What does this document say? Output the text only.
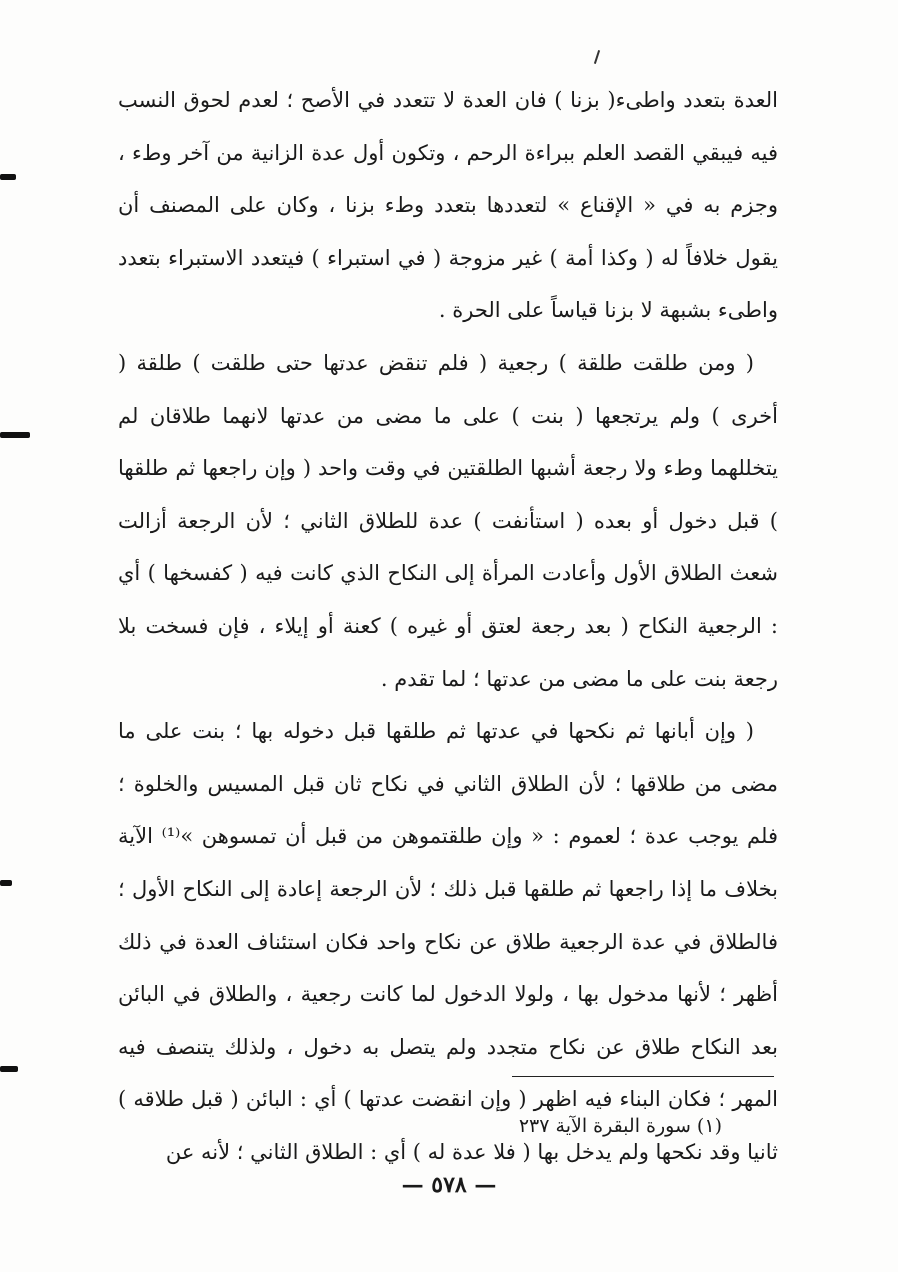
العدة بتعدد واطىء( بزنا ) فان العدة لا تتعدد في الأصح ؛ لعدم لحوق النسب فيه فيبقي القصد العلم ببراءة الرحم ، وتكون أول عدة الزانية من آخر وطء ، وجزم به في « الإقناع » لتعددها بتعدد وطء بزنا ، وكان على المصنف أن يقول خلافاً له ( وكذا أمة ) غير مزوجة ( في استبراء ) فيتعدد الاستبراء بتعدد واطىء بشبهة لا بزنا قياساً على الحرة .

( ومن طلقت طلقة ) رجعية ( فلم تنقض عدتها حتى طلقت ) طلقة ( أخرى ) ولم يرتجعها ( بنت ) على ما مضى من عدتها لانهما طلاقان لم يتخللهما وطء ولا رجعة أشبها الطلقتين في وقت واحد ( وإن راجعها ثم طلقها ) قبل دخول أو بعده ( استأنفت ) عدة للطلاق الثاني ؛ لأن الرجعة أزالت شعث الطلاق الأول وأعادت المرأة إلى النكاح الذي كانت فيه ( كفسخها ) أي : الرجعية النكاح ( بعد رجعة لعتق أو غيره ) كعنة أو إيلاء ، فإن فسخت بلا رجعة بنت على ما مضى من عدتها ؛ لما تقدم .

( وإن أبانها ثم نكحها في عدتها ثم طلقها قبل دخوله بها ؛ بنت على ما مضى من طلاقها ؛ لأن الطلاق الثاني في نكاح ثان قبل المسيس والخلوة ؛ فلم يوجب عدة ؛ لعموم : « وإن طلقتموهن من قبل أن تمسوهن »⁽¹⁾ الآية بخلاف ما إذا راجعها ثم طلقها قبل ذلك ؛ لأن الرجعة إعادة إلى النكاح الأول ؛ فالطلاق في عدة الرجعية طلاق عن نكاح واحد فكان استئناف العدة في ذلك أظهر ؛ لأنها مدخول بها ، ولولا الدخول لما كانت رجعية ، والطلاق في البائن بعد النكاح طلاق عن نكاح متجدد ولم يتصل به دخول ، ولذلك يتنصف فيه المهر ؛ فكان البناء فيه اظهر ( وإن انقضت عدتها ) أي : البائن ( قبل طلاقه ) ثانيا وقد نكحها ولم يدخل بها ( فلا عدة له ) أي : الطلاق الثاني ؛ لأنه عن

(١) سورة البقرة الآية ٢٣٧
— ٥٧٨ —
